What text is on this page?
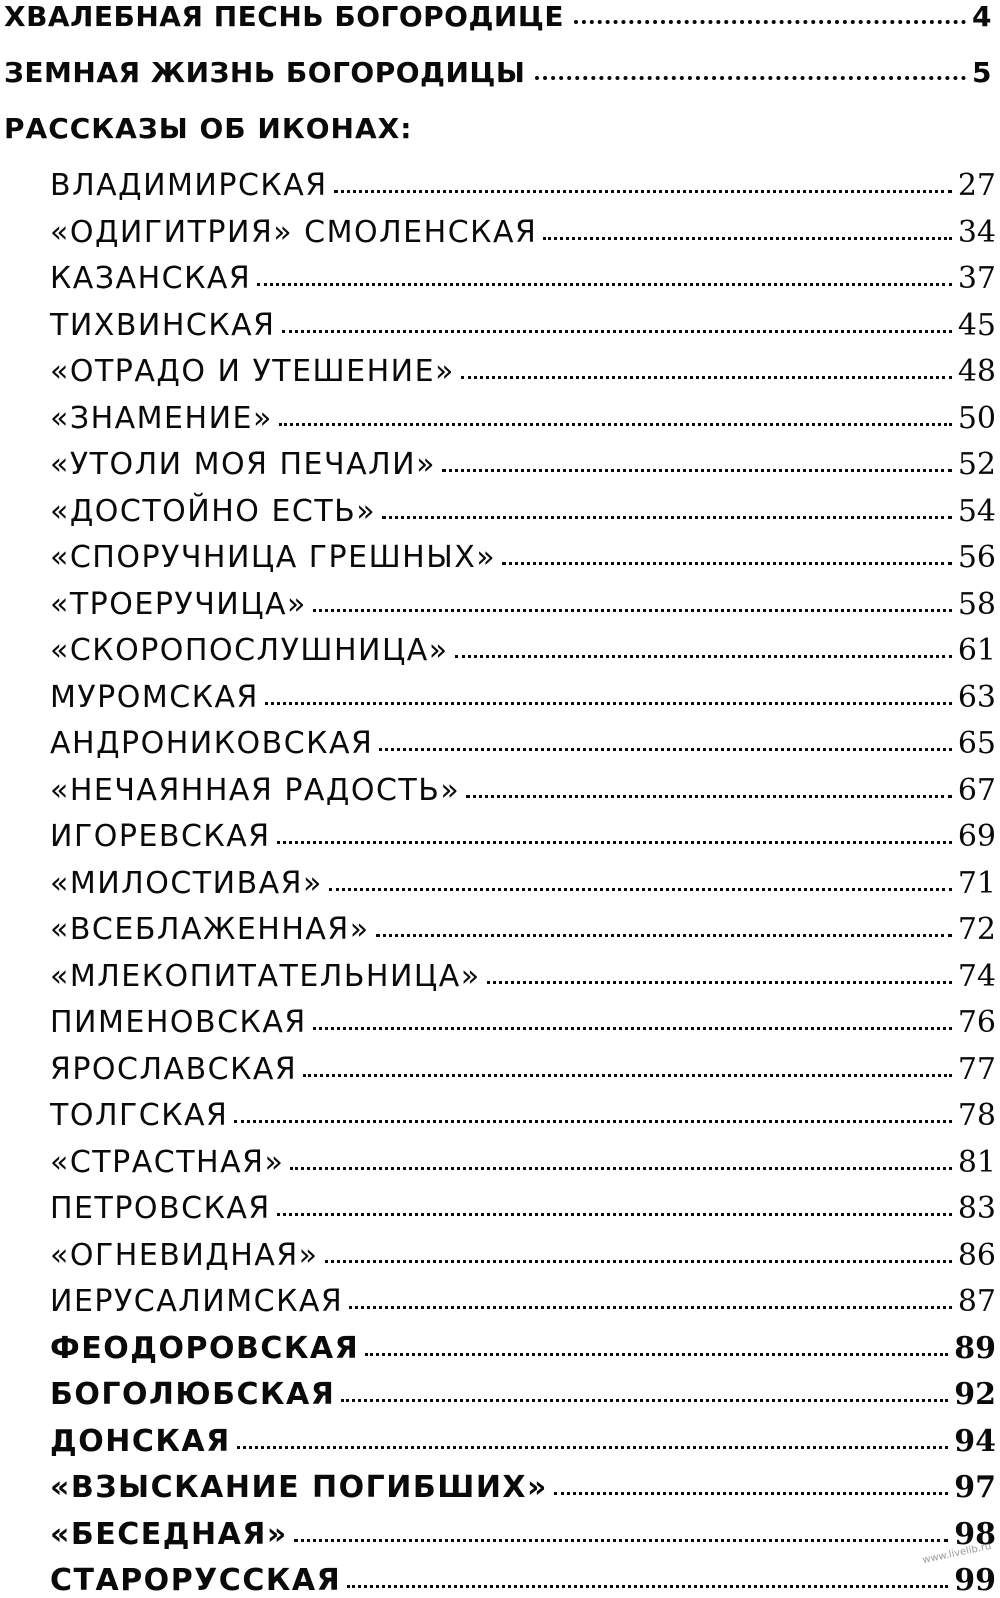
ХВАЛЕБНАЯ ПЕСНЬ БОГОРОДИЦЕ	4
ЗЕМНАЯ ЖИЗНЬ БОГОРОДИЦЫ	5
РАССКАЗЫ ОБ ИКОНАХ:
ВЛАДИМИРСКАЯ	27
«ОДИГИТРИЯ» СМОЛЕНСКАЯ	34
КАЗАНСКАЯ	37
ТИХВИНСКАЯ	45
«ОТРАДО И УТЕШЕНИЕ»	48
«ЗНАМЕНИЕ»	50
«УТОЛИ МОЯ ПЕЧАЛИ»	52
«ДОСТОЙНО ЕСТЬ»	54
«СПОРУЧНИЦА ГРЕШНЫХ»	56
«ТРОЕРУЧИЦА»	58
«СКОРОПОСЛУШНИЦА»	61
МУРОМСКАЯ	63
АНДРОНИКОВСКАЯ	65
«НЕЧАЯННАЯ РАДОСТЬ»	67
ИГОРЕВСКАЯ	69
«МИЛОСТИВАЯ»	71
«ВСЕБЛАЖЕННАЯ»	72
«МЛЕКОПИТАТЕЛЬНИЦА»	74
ПИМЕНОВСКАЯ	76
ЯРОСЛАВСКАЯ	77
ТОЛГСКАЯ	78
«СТРАСТНАЯ»	81
ПЕТРОВСКАЯ	83
«ОГНЕВИДНАЯ»	86
ИЕРУСАЛИМСКАЯ	87
ФЕОДОРОВСКАЯ	89
БОГОЛЮБСКАЯ	92
ДОНСКАЯ	94
«ВЗЫСКАНИЕ ПОГИБШИХ»	97
«БЕСЕДНАЯ»	98
СТАРОРУССКАЯ	99
www.livelib.ru
